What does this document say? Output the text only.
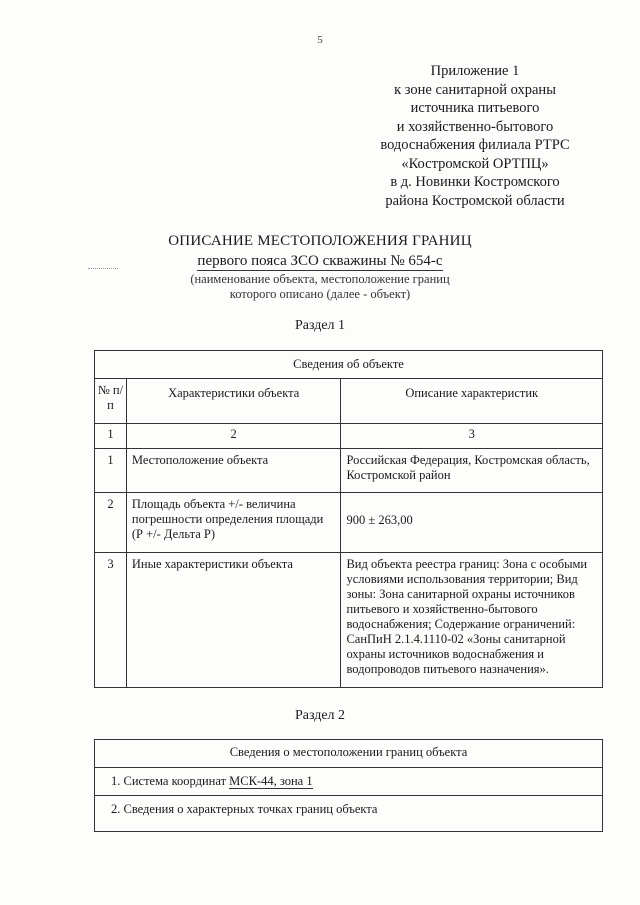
5
Приложение 1
к зоне санитарной охраны
источника питьевого
и хозяйственно-бытового
водоснабжения филиала РТРС
«Костромской ОРТПЦ»
в д. Новинки Костромского
района Костромской области
ОПИСАНИЕ МЕСТОПОЛОЖЕНИЯ ГРАНИЦ
первого пояса ЗСО скважины № 654-с
(наименование объекта, местоположение границ
которого описано (далее - объект)
Раздел 1
Сведения об объекте		
№ п/п	Характеристики объекта	Описание характеристик
1	2	3
1	Местоположение объекта	Российская Федерация, Костромская область, Костромской район
2	Площадь объекта +/- величина погрешности определения площади (Р +/- Дельта Р)	900 ± 263,00
3	Иные характеристики объекта	Вид объекта реестра границ: Зона с особыми условиями использования территории; Вид зоны: Зона санитарной охраны источников питьевого и хозяйственно-бытового водоснабжения; Содержание ограничений: СанПиН 2.1.4.1110-02 «Зоны санитарной охраны источников водоснабжения и водопроводов питьевого назначения».
Раздел 2
Сведения о местоположении границ объекта
1. Система координат МСК-44, зона 1
2. Сведения о характерных точках границ объекта
